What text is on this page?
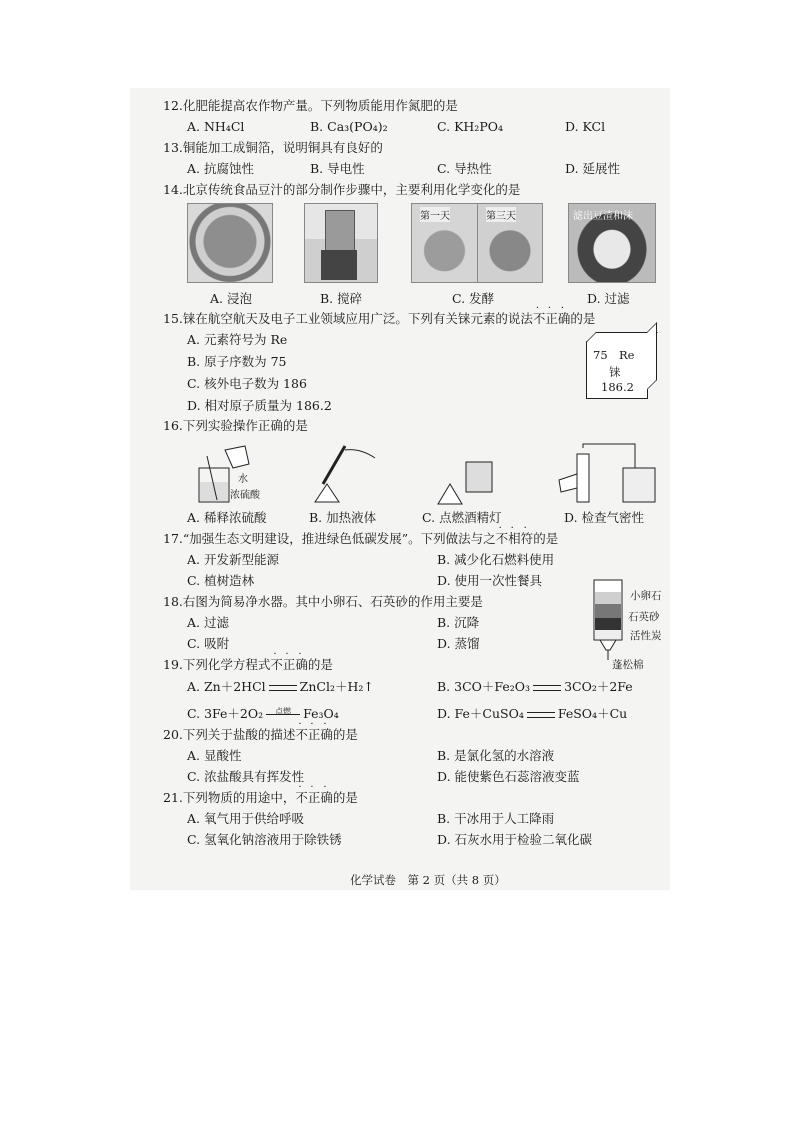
12.化肥能提高农作物产量。下列物质能用作氮肥的是
A. NH₄Cl	B. Ca₃(PO₄)₂	C. KH₂PO₄	D. KCl
13.铜能加工成铜箔，说明铜具有良好的
A. 抗腐蚀性	B. 导电性	C. 导热性	D. 延展性
14.北京传统食品豆汁的部分制作步骤中，主要利用化学变化的是
第一天	第三天	滤出豆渣和沫
A. 浸泡	B. 搅碎	C. 发酵	D. 过滤
15.铼在航空航天及电子工业领域应用广泛。下列有关铼元素的说法不正确
· · ·
的是
A. 元素符号为 Re
B. 原子序数为 75
C. 核外电子数为 186
D. 相对原子质量为 186.2
75 Re
铼
186.2
16.下列实验操作正确的是
水
浓硫酸
A. 稀释浓硫酸	B. 加热液体	C. 点燃酒精灯	D. 检查气密性
17.“加强生态文明建设，推进绿色低碳发展”。下列做法与之不相符
· · ·
的是
A. 开发新型能源	B. 减少化石燃料使用
C. 植树造林	D. 使用一次性餐具
18.右图为简易净水器。其中小卵石、石英砂的作用主要是
A. 过滤	B. 沉降
C. 吸附	D. 蒸馏
小卵石
石英砂
活性炭
蓬松棉
19.下列化学方程式不正确
· · ·
的是
A. Zn＋2HCl	ZnCl₂＋H₂↑	B. 3CO＋Fe₂O₃	3CO₂＋2Fe
C. 3Fe＋2O₂	点燃 Fe₃O₄	D. Fe＋CuSO₄	FeSO₄＋Cu
20.下列关于盐酸的描述不正确
· · ·
的是
A. 显酸性	B. 是氯化氢的水溶液
C. 浓盐酸具有挥发性	D. 能使紫色石蕊溶液变蓝
21.下列物质的用途中，不正确
· · ·
的是
A. 氧气用于供给呼吸	B. 干冰用于人工降雨
C. 氢氧化钠溶液用于除铁锈	D. 石灰水用于检验二氧化碳
化学试卷　第 2 页（共 8 页）
